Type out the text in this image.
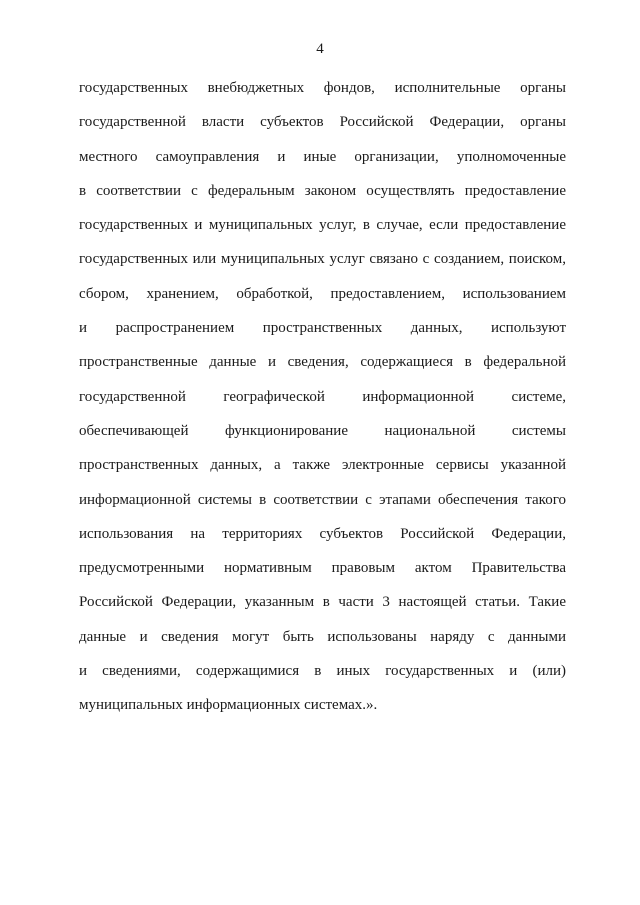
4
государственных внебюджетных фондов, исполнительные органы
государственной власти субъектов Российской Федерации, органы
местного самоуправления и иные организации, уполномоченные
в соответствии с федеральным законом осуществлять предоставление
государственных и муниципальных услуг, в случае, если предоставление
государственных или муниципальных услуг связано с созданием, поиском,
сбором, хранением, обработкой, предоставлением, использованием
и распространением пространственных данных, используют
пространственные данные и сведения, содержащиеся в федеральной
государственной географической информационной системе,
обеспечивающей функционирование национальной системы
пространственных данных, а также электронные сервисы указанной
информационной системы в соответствии с этапами обеспечения такого
использования на территориях субъектов Российской Федерации,
предусмотренными нормативным правовым актом Правительства
Российской Федерации, указанным в части 3 настоящей статьи. Такие
данные и сведения могут быть использованы наряду с данными
и сведениями, содержащимися в иных государственных и (или)
муниципальных информационных системах.».
